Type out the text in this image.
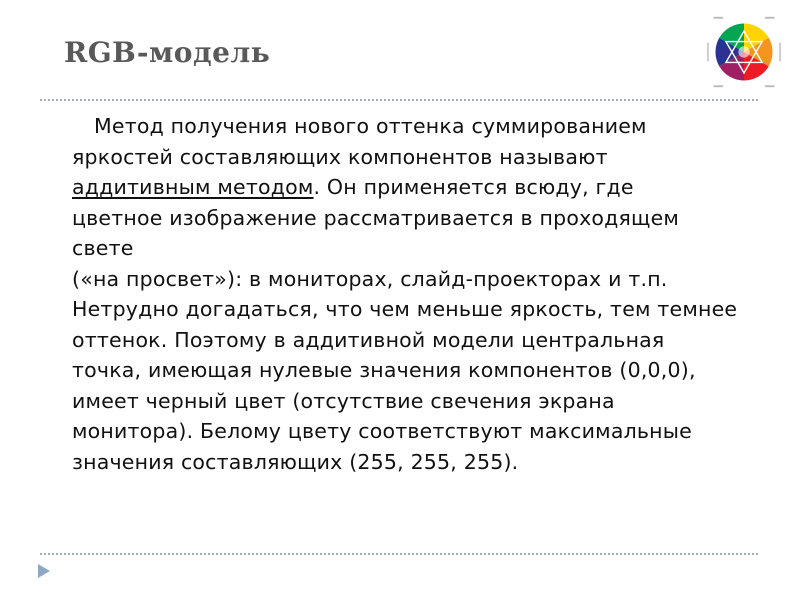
RGB-модель
Метод получения нового оттенка суммированием
яркостей составляющих компонентов называют
аддитивным методом. Он применяется всюду, где
цветное изображение рассматривается в проходящем
свете
(«на просвет»): в мониторах, слайд-проекторах и т.п.
Нетрудно догадаться, что чем меньше яркость, тем темнее
оттенок. Поэтому в аддитивной модели центральная
точка, имеющая нулевые значения компонентов (0,0,0),
имеет черный цвет (отсутствие свечения экрана
монитора). Белому цвету соответствуют максимальные
значения составляющих (255, 255, 255).
